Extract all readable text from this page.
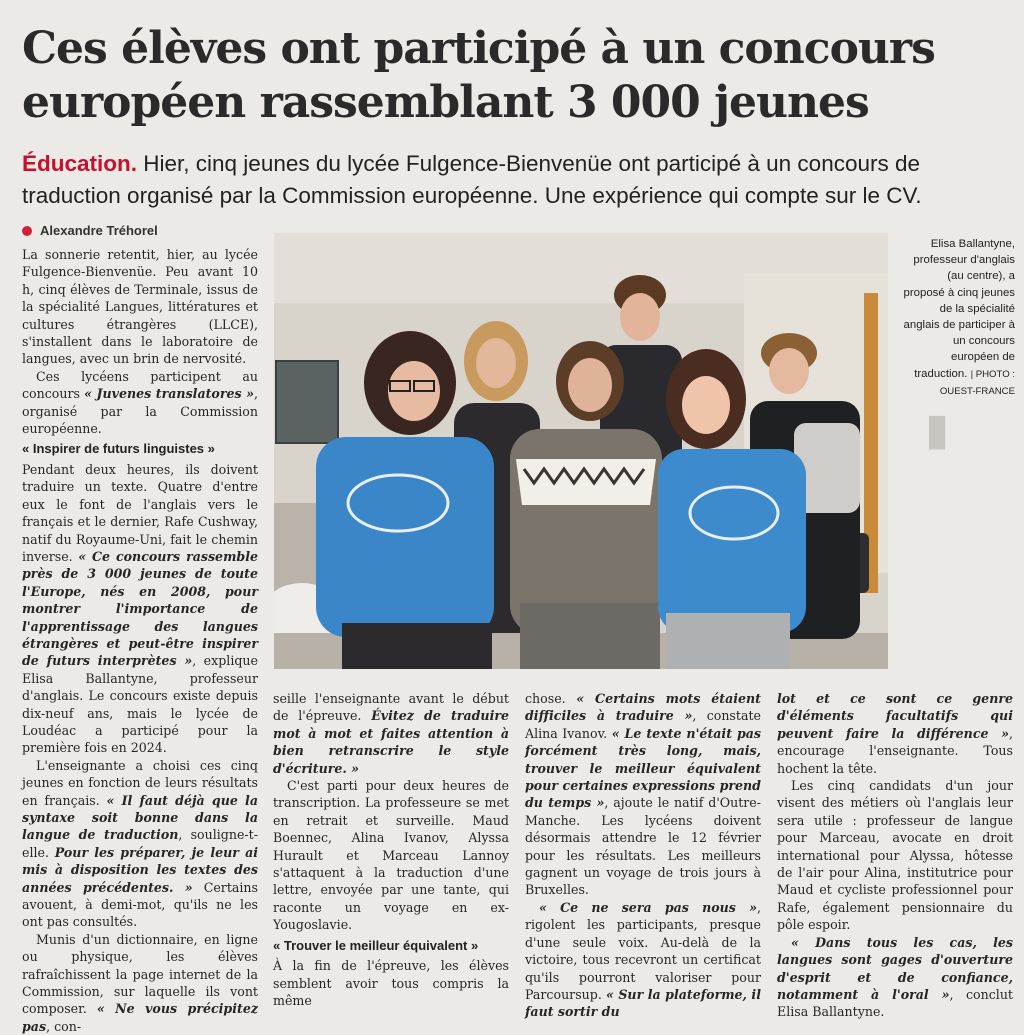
Ces élèves ont participé à un concours
européen rassemblant 3 000 jeunes
Éducation. Hier, cinq jeunes du lycée Fulgence-Bienvenüe ont participé à un concours de traduction organisé par la Commission européenne. Une expérience qui compte sur le CV.
Alexandre Tréhorel

La sonnerie retentit, hier, au lycée Fulgence-Bienvenüe. Peu avant 10 h, cinq élèves de Terminale, issus de la spécialité Langues, littératures et cultures étrangères (LLCE), s'installent dans le laboratoire de langues, avec un brin de nervosité.

Ces lycéens participent au concours « Juvenes translatores », organisé par la Commission européenne.

« Inspirer de futurs linguistes »

Pendant deux heures, ils doivent traduire un texte. Quatre d'entre eux le font de l'anglais vers le français et le dernier, Rafe Cushway, natif du Royaume-Uni, fait le chemin inverse. « Ce concours rassemble près de 3 000 jeunes de toute l'Europe, nés en 2008, pour montrer l'importance de l'apprentissage des langues étrangères et peut-être inspirer de futurs interprètes », explique Elisa Ballantyne, professeur d'anglais. Le concours existe depuis dix-neuf ans, mais le lycée de Loudéac a participé pour la première fois en 2024.

L'enseignante a choisi ces cinq jeunes en fonction de leurs résultats en français. « Il faut déjà que la syntaxe soit bonne dans la langue de traduction, souligne-t-elle. Pour les préparer, je leur ai mis à disposition les textes des années précédentes. » Certains avouent, à demi-mot, qu'ils ne les ont pas consultés.

Munis d'un dictionnaire, en ligne ou physique, les élèves rafraîchissent la page internet de la Commission, sur laquelle ils vont composer. « Ne vous précipitez pas, con-

Elisa Ballantyne, professeur d'anglais (au centre), a proposé à cinq jeunes de la spécialité anglais de participer à un concours européen de traduction. | PHOTO : OUEST-FRANCE
▮

seille l'enseignante avant le début de l'épreuve. Évitez de traduire mot à mot et faites attention à bien retranscrire le style d'écriture. »

C'est parti pour deux heures de transcription. La professeure se met en retrait et surveille. Maud Boennec, Alina Ivanov, Alyssa Hurault et Marceau Lannoy s'attaquent à la traduction d'une lettre, envoyée par une tante, qui raconte un voyage en ex-Yougoslavie.

« Trouver le meilleur équivalent »

À la fin de l'épreuve, les élèves semblent avoir tous compris la même

chose. « Certains mots étaient difficiles à traduire », constate Alina Ivanov. « Le texte n'était pas forcément très long, mais, trouver le meilleur équivalent pour certaines expressions prend du temps », ajoute le natif d'Outre-Manche. Les lycéens doivent désormais attendre le 12 février pour les résultats. Les meilleurs gagnent un voyage de trois jours à Bruxelles.

« Ce ne sera pas nous », rigolent les participants, presque d'une seule voix. Au-delà de la victoire, tous recevront un certificat qu'ils pourront valoriser pour Parcoursup. « Sur la plateforme, il faut sortir du

lot et ce sont ce genre d'éléments facultatifs qui peuvent faire la différence », encourage l'enseignante. Tous hochent la tête.

Les cinq candidats d'un jour visent des métiers où l'anglais leur sera utile : professeur de langue pour Marceau, avocate en droit international pour Alyssa, hôtesse de l'air pour Alina, institutrice pour Maud et cycliste professionnel pour Rafe, également pensionnaire du pôle espoir.

« Dans tous les cas, les langues sont gages d'ouverture d'esprit et de confiance, notamment à l'oral », conclut Elisa Ballantyne.
